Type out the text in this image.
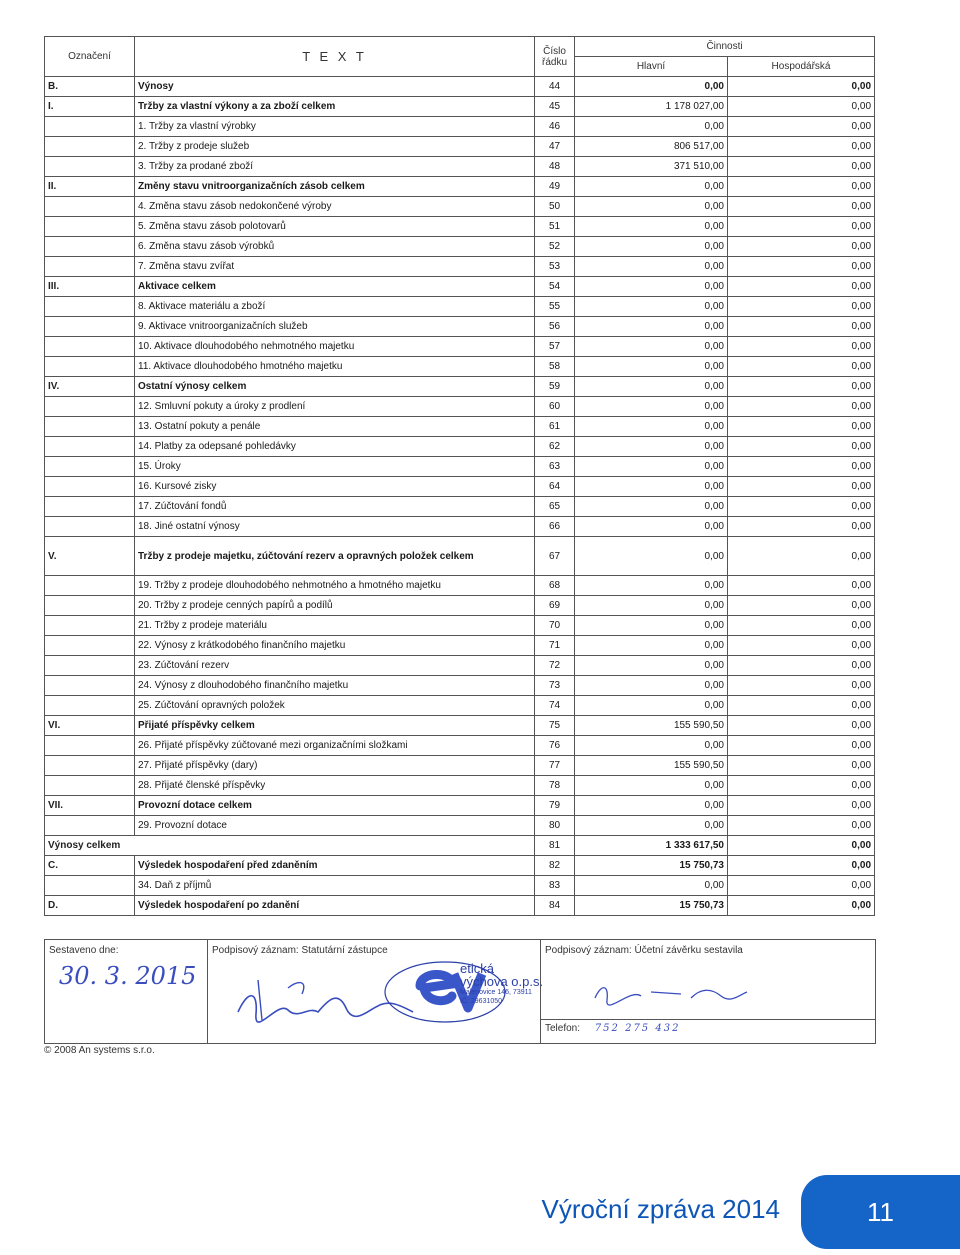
Označení	T E X T	Číslo řádku	Činnosti	
			Hlavní	Hospodářská
B.	Výnosy	44	0,00	0,00
I.	Tržby za vlastní výkony a za zboží celkem	45	1 178 027,00	0,00
	1. Tržby za vlastní výrobky	46	0,00	0,00
	2. Tržby z prodeje služeb	47	806 517,00	0,00
	3. Tržby za prodané zboží	48	371 510,00	0,00
II.	Změny stavu vnitroorganizačních zásob celkem	49	0,00	0,00
	4. Změna stavu zásob nedokončené výroby	50	0,00	0,00
	5. Změna stavu zásob polotovarů	51	0,00	0,00
	6. Změna stavu zásob výrobků	52	0,00	0,00
	7. Změna stavu zvířat	53	0,00	0,00
III.	Aktivace celkem	54	0,00	0,00
	8. Aktivace materiálu a zboží	55	0,00	0,00
	9. Aktivace vnitroorganizačních služeb	56	0,00	0,00
	10. Aktivace dlouhodobého nehmotného majetku	57	0,00	0,00
	11. Aktivace dlouhodobého hmotného majetku	58	0,00	0,00
IV.	Ostatní výnosy celkem	59	0,00	0,00
	12. Smluvní pokuty a úroky z prodlení	60	0,00	0,00
	13. Ostatní pokuty a penále	61	0,00	0,00
	14. Platby za odepsané pohledávky	62	0,00	0,00
	15. Úroky	63	0,00	0,00
	16. Kursové zisky	64	0,00	0,00
	17. Zúčtování fondů	65	0,00	0,00
	18. Jiné ostatní výnosy	66	0,00	0,00
V.	Tržby z prodeje majetku, zúčtování rezerv a opravných položek celkem	67	0,00	0,00
	19. Tržby z prodeje dlouhodobého nehmotného a hmotného majetku	68	0,00	0,00
	20. Tržby z prodeje cenných papírů a podílů	69	0,00	0,00
	21. Tržby z prodeje materiálu	70	0,00	0,00
	22. Výnosy z krátkodobého finančního majetku	71	0,00	0,00
	23. Zúčtování rezerv	72	0,00	0,00
	24. Výnosy z dlouhodobého finančního majetku	73	0,00	0,00
	25. Zúčtování opravných položek	74	0,00	0,00
VI.	Přijaté příspěvky celkem	75	155 590,50	0,00
	26. Přijaté příspěvky zúčtované mezi organizačními složkami	76	0,00	0,00
	27. Přijaté příspěvky (dary)	77	155 590,50	0,00
	28. Přijaté členské příspěvky	78	0,00	0,00
VII.	Provozní dotace celkem	79	0,00	0,00
	29. Provozní dotace	80	0,00	0,00
Výnosy celkem		81	1 333 617,50	0,00
C.	Výsledek hospodaření před zdaněním	82	15 750,73	0,00
	34. Daň z příjmů	83	0,00	0,00
D.	Výsledek hospodaření po zdanění	84	15 750,73	0,00
Sestaveno dne:
30. 3. 2015
Podpisový záznam: Statutární zástupce	Podpisový záznam: Účetní závěrku sestavila
Telefon: 752 275 432
etická
výchova o.p.s.
Malenovice 146, 73911
IČ: 29631050
© 2008 An systems s.r.o.
Výroční zpráva 2014	11
